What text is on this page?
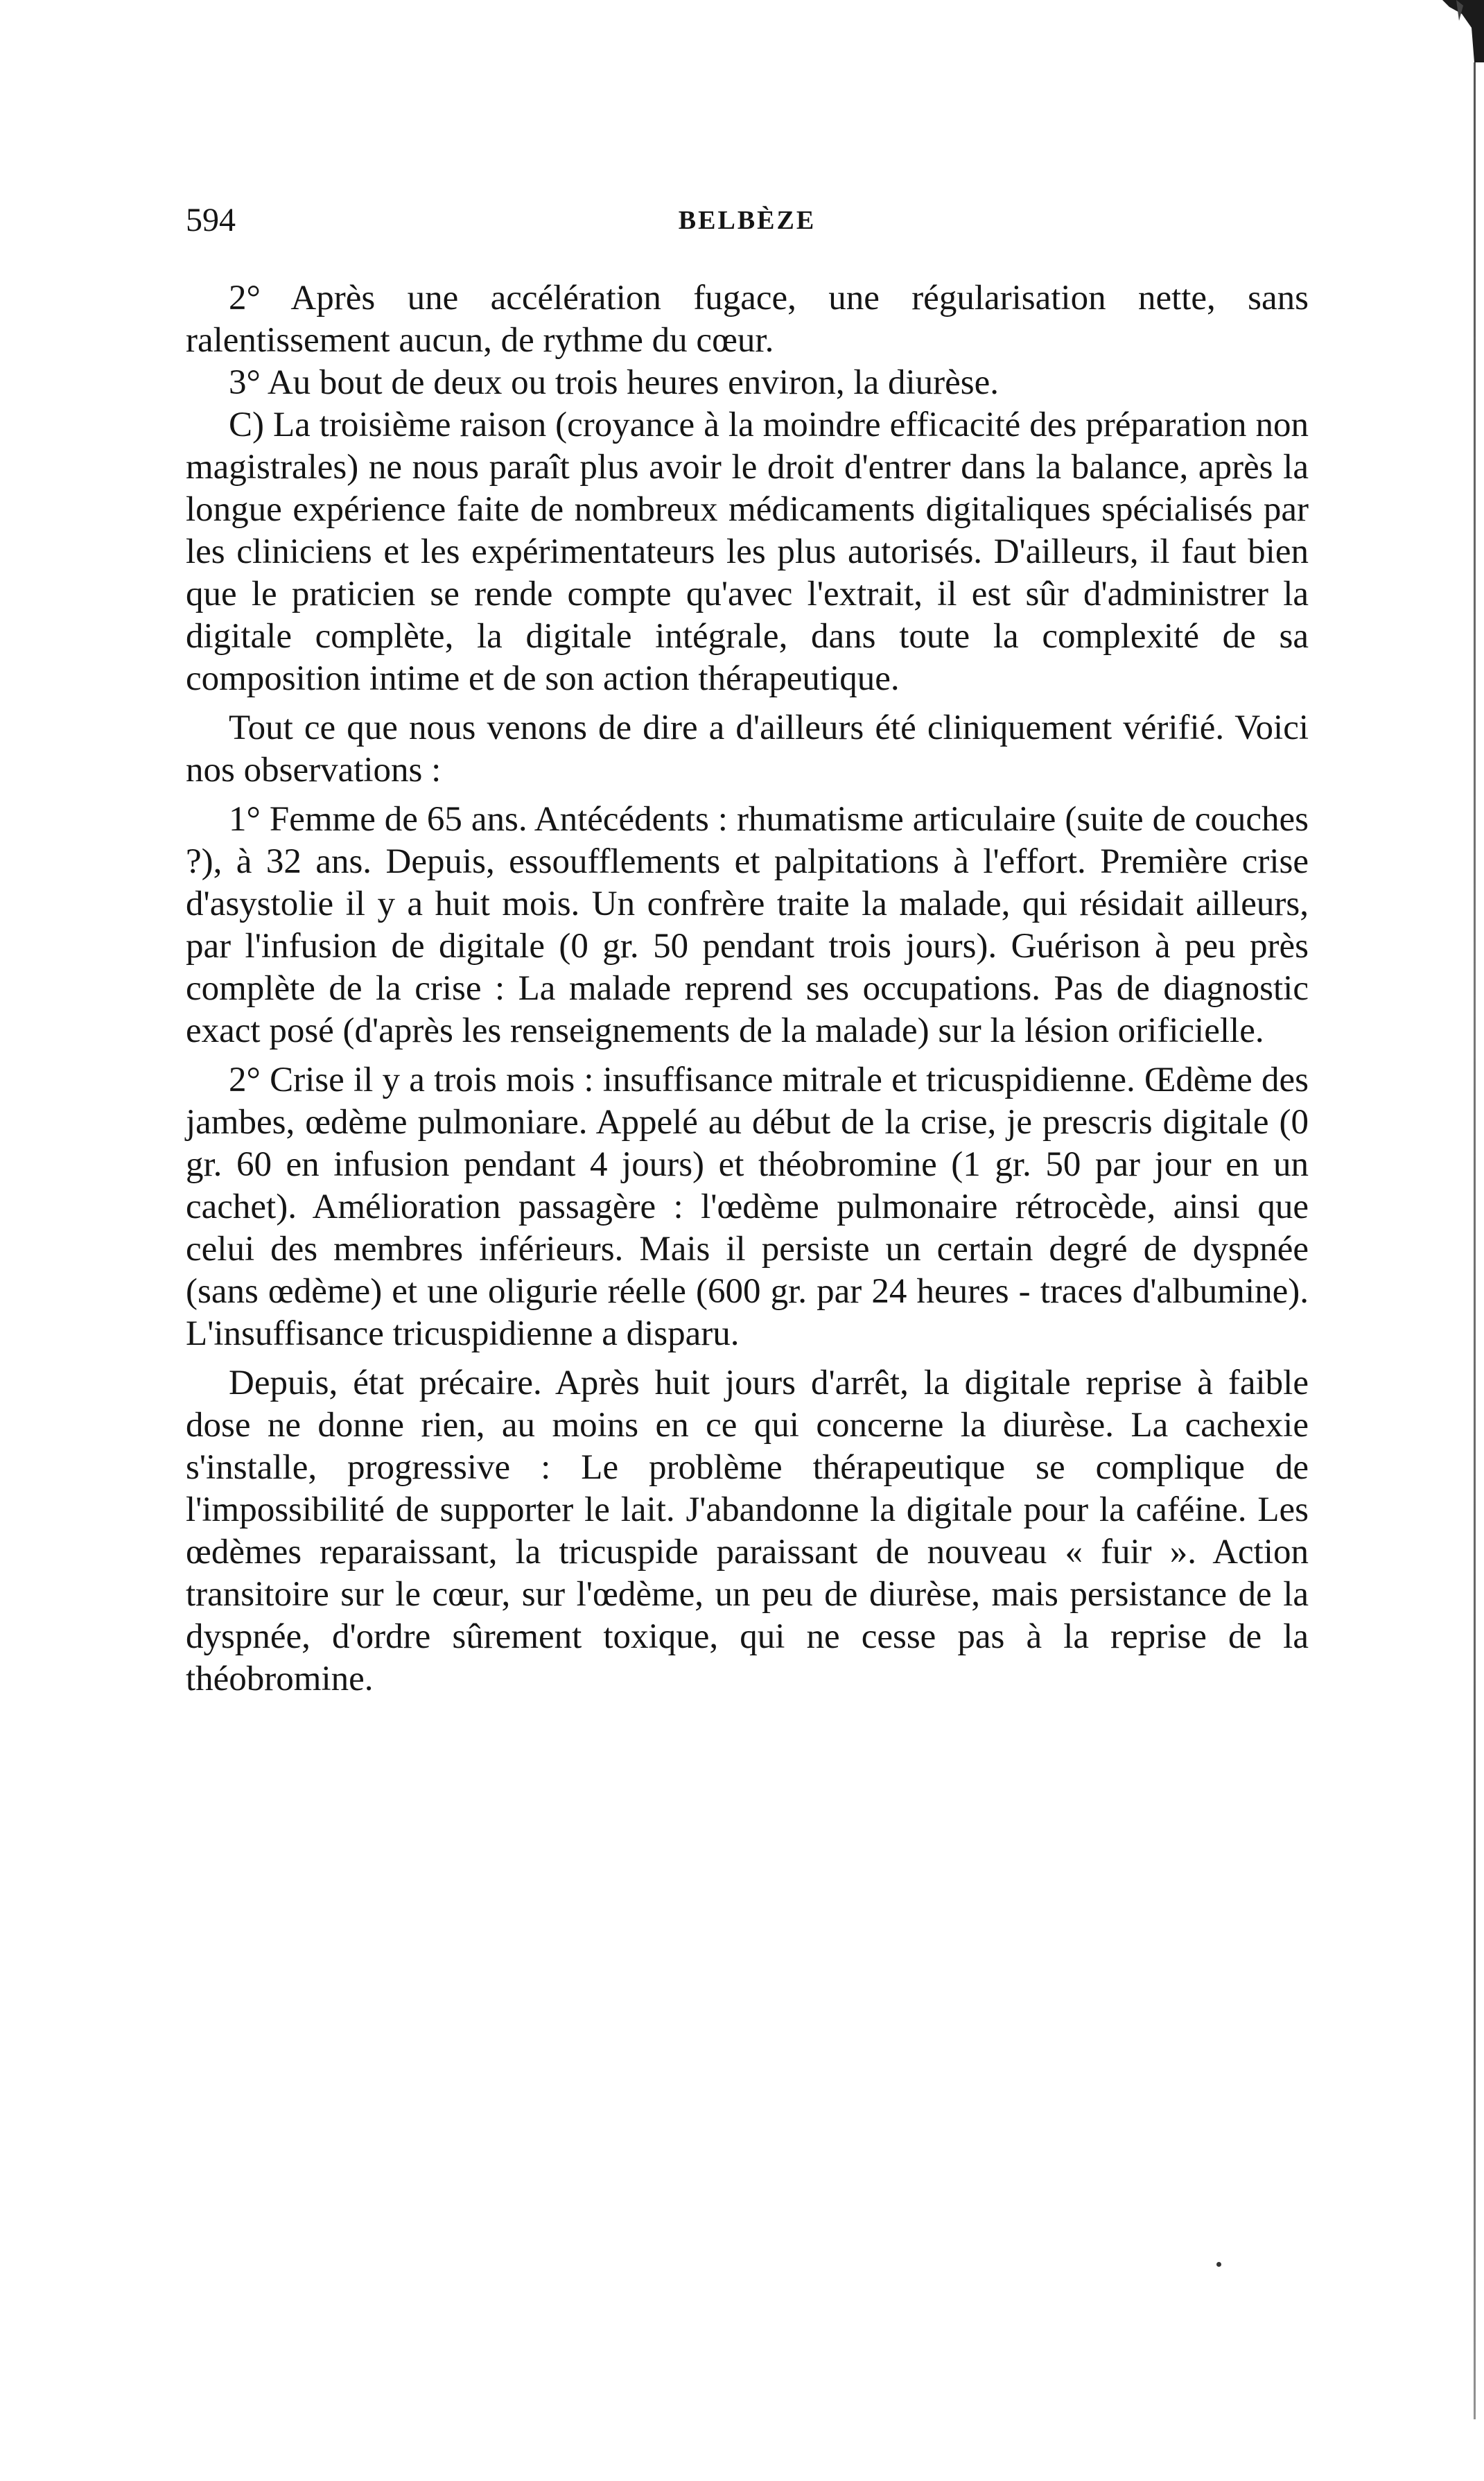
594	BELBÈZE

2° Après une accélération fugace, une régularisation nette, sans ralentissement aucun, de rythme du cœur.

3° Au bout de deux ou trois heures environ, la diurèse.

C) La troisième raison (croyance à la moindre efficacité des préparation non magistrales) ne nous paraît plus avoir le droit d'entrer dans la balance, après la longue expérience faite de nombreux médicaments digitaliques spécialisés par les cliniciens et les expérimentateurs les plus autorisés. D'ailleurs, il faut bien que le praticien se rende compte qu'avec l'extrait, il est sûr d'administrer la digitale complète, la digitale intégrale, dans toute la complexité de sa composition intime et de son action thérapeutique.

Tout ce que nous venons de dire a d'ailleurs été cliniquement vérifié. Voici nos observations :

1° Femme de 65 ans. Antécédents : rhumatisme articulaire (suite de couches ?), à 32 ans. Depuis, essoufflements et palpitations à l'effort. Première crise d'asystolie il y a huit mois. Un confrère traite la malade, qui résidait ailleurs, par l'infusion de digitale (0 gr. 50 pendant trois jours). Guérison à peu près complète de la crise : La malade reprend ses occupations. Pas de diagnostic exact posé (d'après les renseignements de la malade) sur la lésion orificielle.

2° Crise il y a trois mois : insuffisance mitrale et tricuspidienne. Œdème des jambes, œdème pulmoniare. Appelé au début de la crise, je prescris digitale (0 gr. 60 en infusion pendant 4 jours) et théobromine (1 gr. 50 par jour en un cachet). Amélioration passagère : l'œdème pulmonaire rétrocède, ainsi que celui des membres inférieurs. Mais il persiste un certain degré de dyspnée (sans œdème) et une oligurie réelle (600 gr. par 24 heures - traces d'albumine). L'insuffisance tricuspidienne a disparu.

Depuis, état précaire. Après huit jours d'arrêt, la digitale reprise à faible dose ne donne rien, au moins en ce qui concerne la diurèse. La cachexie s'installe, progressive : Le problème thérapeutique se complique de l'impossibilité de supporter le lait. J'abandonne la digitale pour la caféine. Les œdèmes reparaissant, la tricuspide paraissant de nouveau « fuir ». Action transitoire sur le cœur, sur l'œdème, un peu de diurèse, mais persistance de la dyspnée, d'ordre sûrement toxique, qui ne cesse pas à la reprise de la théobromine.
